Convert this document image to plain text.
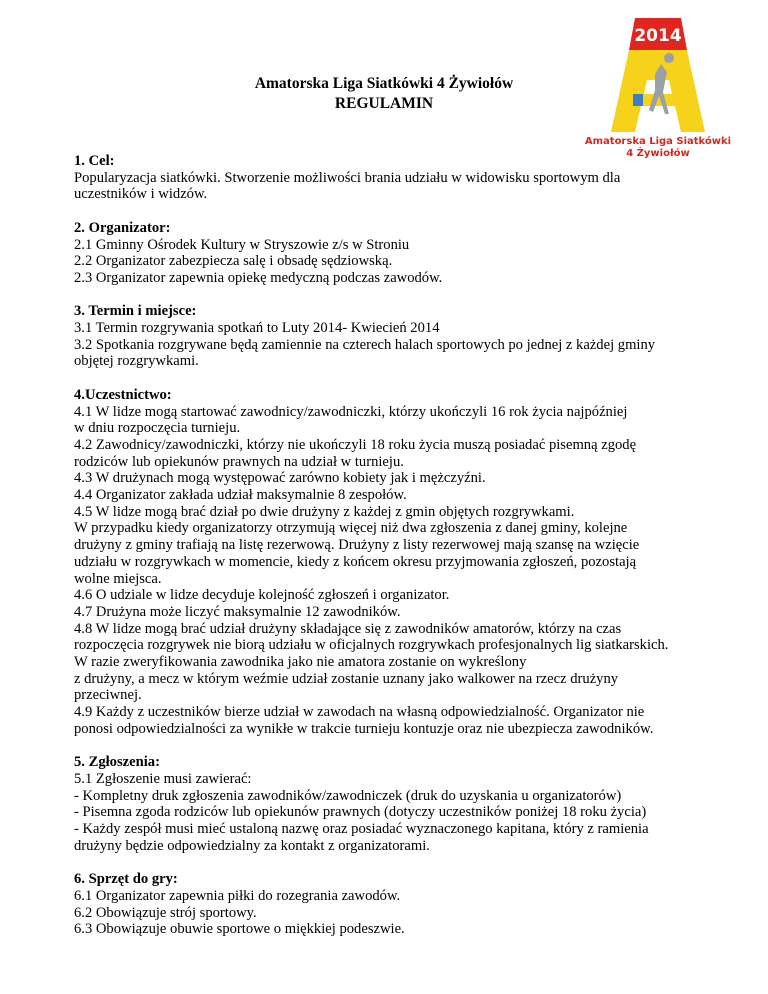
Amatorska Liga Siatkówki 4 Żywiołów
REGULAMIN
2014
Amatorska Liga Siatkówki
4 Żywiołów
1. Cel:
Popularyzacja siatkówki. Stworzenie możliwości brania udziału w widowisku sportowym dla
uczestników i widzów.
2. Organizator:
2.1 Gminny Ośrodek Kultury w Stryszowie z/s w Stroniu
2.2 Organizator zabezpiecza salę i obsadę sędziowską.
2.3 Organizator zapewnia opiekę medyczną podczas zawodów.
3. Termin i miejsce:
3.1 Termin rozgrywania spotkań to Luty 2014- Kwiecień 2014
3.2 Spotkania rozgrywane będą zamiennie na czterech halach sportowych po jednej z każdej gminy
objętej rozgrywkami.
4.Uczestnictwo:
4.1 W lidze mogą startować zawodnicy/zawodniczki, którzy ukończyli 16 rok życia najpóźniej
w dniu rozpoczęcia turnieju.
4.2 Zawodnicy/zawodniczki, którzy nie ukończyli 18 roku życia muszą posiadać pisemną zgodę
rodziców lub opiekunów prawnych na udział w turnieju.
4.3 W drużynach mogą występować zarówno kobiety jak i mężczyźni.
4.4 Organizator zakłada udział maksymalnie 8 zespołów.
4.5 W lidze mogą brać dział po dwie drużyny z każdej z gmin objętych rozgrywkami.
W przypadku kiedy organizatorzy otrzymują więcej niż dwa zgłoszenia z danej gminy, kolejne
drużyny z gminy trafiają na listę rezerwową. Drużyny z listy rezerwowej mają szansę na wzięcie
udziału w rozgrywkach w momencie, kiedy z końcem okresu przyjmowania zgłoszeń, pozostają
wolne miejsca.
4.6 O udziale w lidze decyduje kolejność zgłoszeń i organizator.
4.7 Drużyna może liczyć maksymalnie 12 zawodników.
4.8 W lidze mogą brać udział drużyny składające się z zawodników amatorów, którzy na czas
rozpoczęcia rozgrywek nie biorą udziału w oficjalnych rozgrywkach profesjonalnych lig siatkarskich.
W razie zweryfikowania zawodnika jako nie amatora zostanie on wykreślony
z drużyny, a mecz w którym weźmie udział zostanie uznany jako walkower na rzecz drużyny
przeciwnej.
4.9 Każdy z uczestników bierze udział w zawodach na własną odpowiedzialność. Organizator nie
ponosi odpowiedzialności za wynikłe w trakcie turnieju kontuzje oraz nie ubezpiecza zawodników.
5. Zgłoszenia:
5.1 Zgłoszenie musi zawierać:
- Kompletny druk zgłoszenia zawodników/zawodniczek (druk do uzyskania u organizatorów)
- Pisemna zgoda rodziców lub opiekunów prawnych (dotyczy uczestników poniżej 18 roku życia)
- Każdy zespół musi mieć ustaloną nazwę oraz posiadać wyznaczonego kapitana, który z ramienia
drużyny będzie odpowiedzialny za kontakt z organizatorami.
6. Sprzęt do gry:
6.1 Organizator zapewnia piłki do rozegrania zawodów.
6.2 Obowiązuje strój sportowy.
6.3 Obowiązuje obuwie sportowe o miękkiej podeszwie.
